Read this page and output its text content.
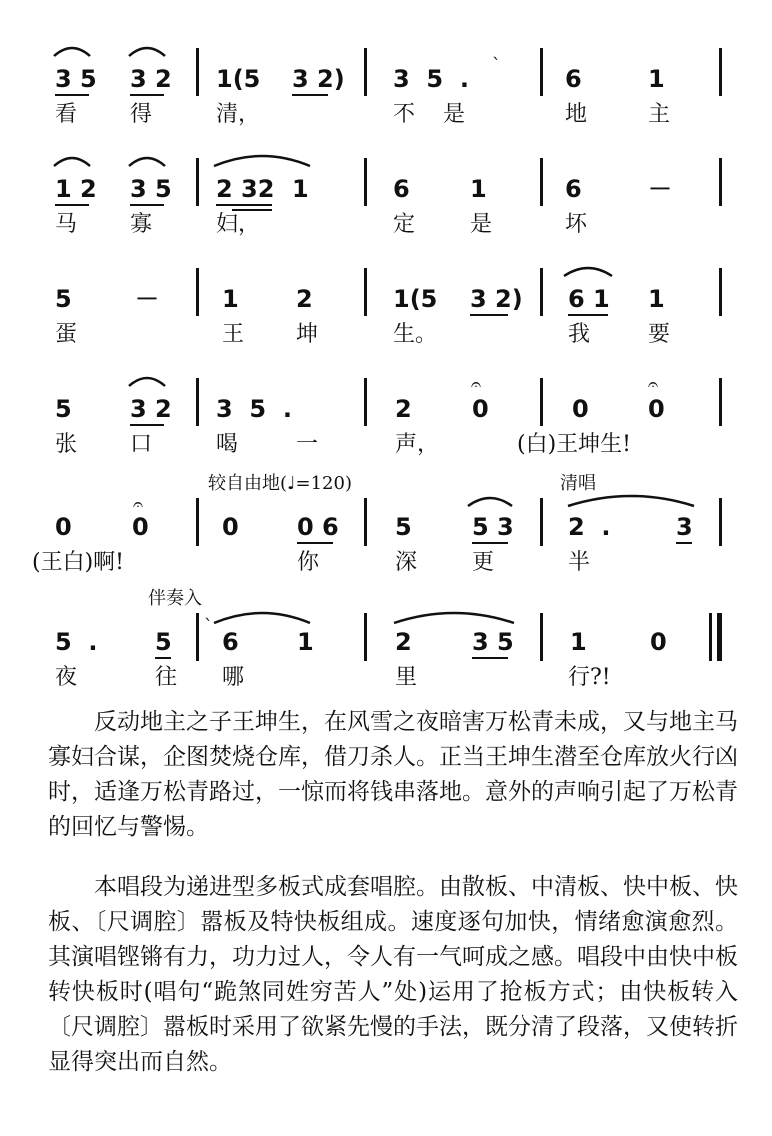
3 5 3 2 1(5 3 2) 3  5  . `	6	1
看 得	清，	不 是	地	主
1 2 3 5 2 32 1	6	1	6	－
马 寡	妇，	定 是	坏
5	－	1 2	1(5 3 2) 6 1 1
蛋	王 坤	生。	我	要
𝄐	𝄐
5 3 2 3  5  .	2	0	0 0
张 口	喝	一	声，	(白)王坤生!
较自由地(♩=120)	清唱
𝄐
0	0	0 0 6 5	5 3 2  .	3
(王白)啊!	你	深 更	半
伴奏入
5  . 5
`
6 1	2	3 5 1	0
夜	往 哪	里	行?!

反动地主之子王坤生，在风雪之夜暗害万松青未成，又与地主马寡妇合谋，企图焚烧仓库，借刀杀人。正当王坤生潜至仓库放火行凶时，适逢万松青路过，一惊而将钱串落地。意外的声响引起了万松青的回忆与警惕。

本唱段为递进型多板式成套唱腔。由散板、中清板、快中板、快板、〔尺调腔〕嚣板及特快板组成。速度逐句加快，情绪愈演愈烈。其演唱铿锵有力，功力过人，令人有一气呵成之感。唱段中由快中板转快板时(唱句“跪煞同姓穷苦人”处)运用了抢板方式；由快板转入〔尺调腔〕嚣板时采用了欲紧先慢的手法，既分清了段落，又使转折显得突出而自然。
